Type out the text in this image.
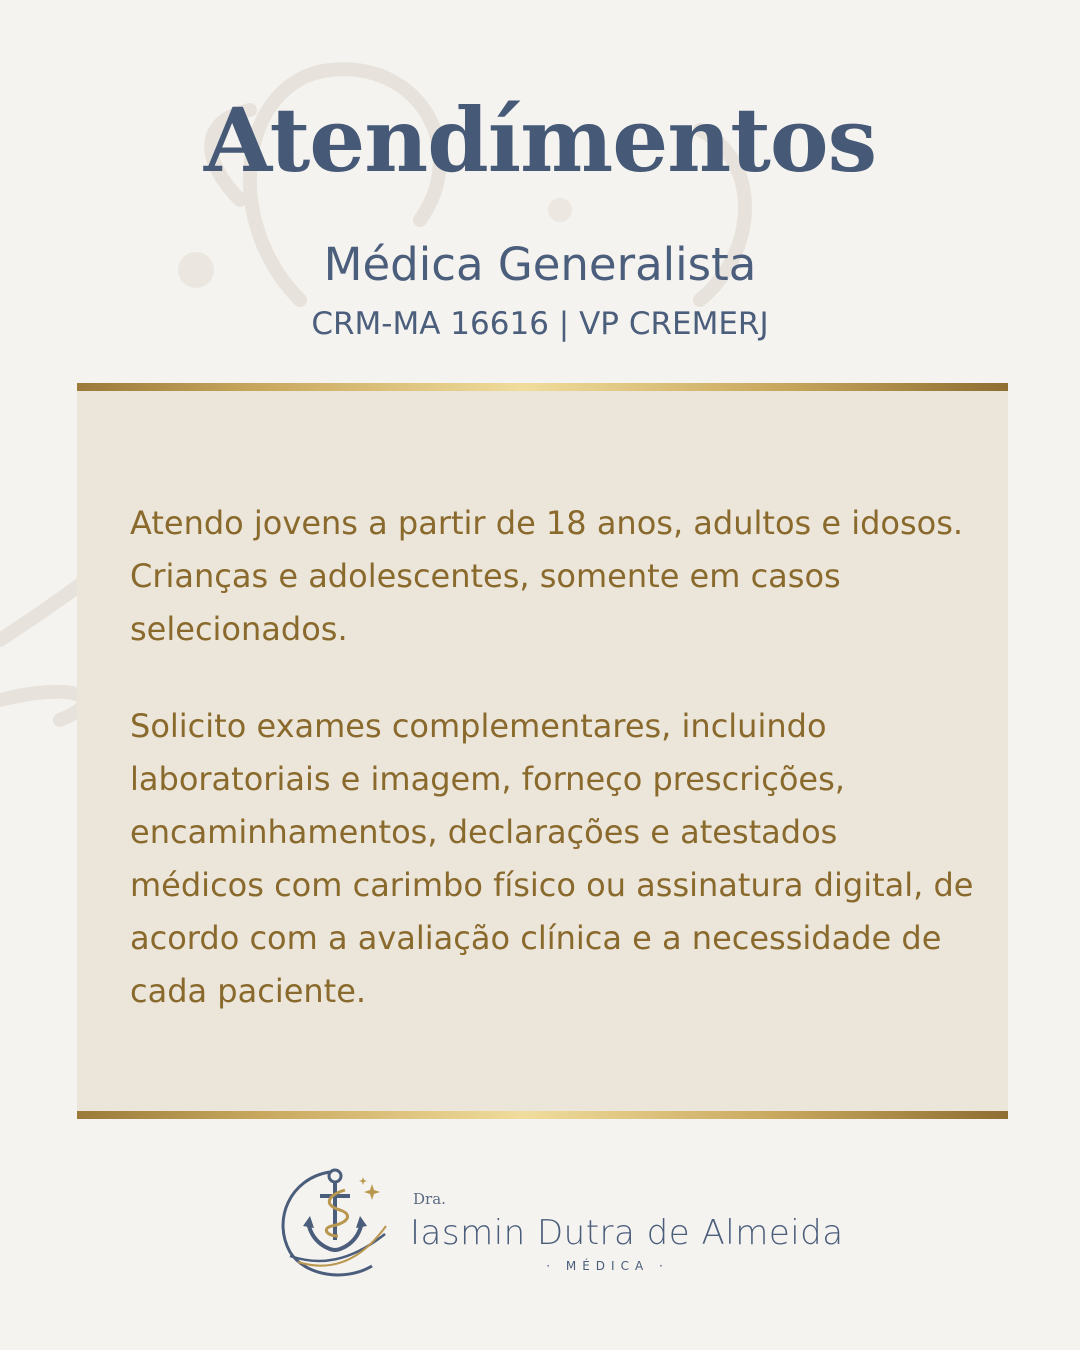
Atendímentos
Médica Generalista
CRM-MA 16616 | VP CREMERJ

Atendo jovens a partir de 18 anos, adultos e idosos. Crianças e adolescentes, somente em casos selecionados.

Solicito exames complementares, incluindo laboratoriais e imagem, forneço prescrições, encaminhamentos, declarações e atestados médicos com carimbo físico ou assinatura digital, de acordo com a avaliação clínica e a necessidade de cada paciente.

Dra.
Iasmin Dutra de Almeida
· MÉDICA ·
